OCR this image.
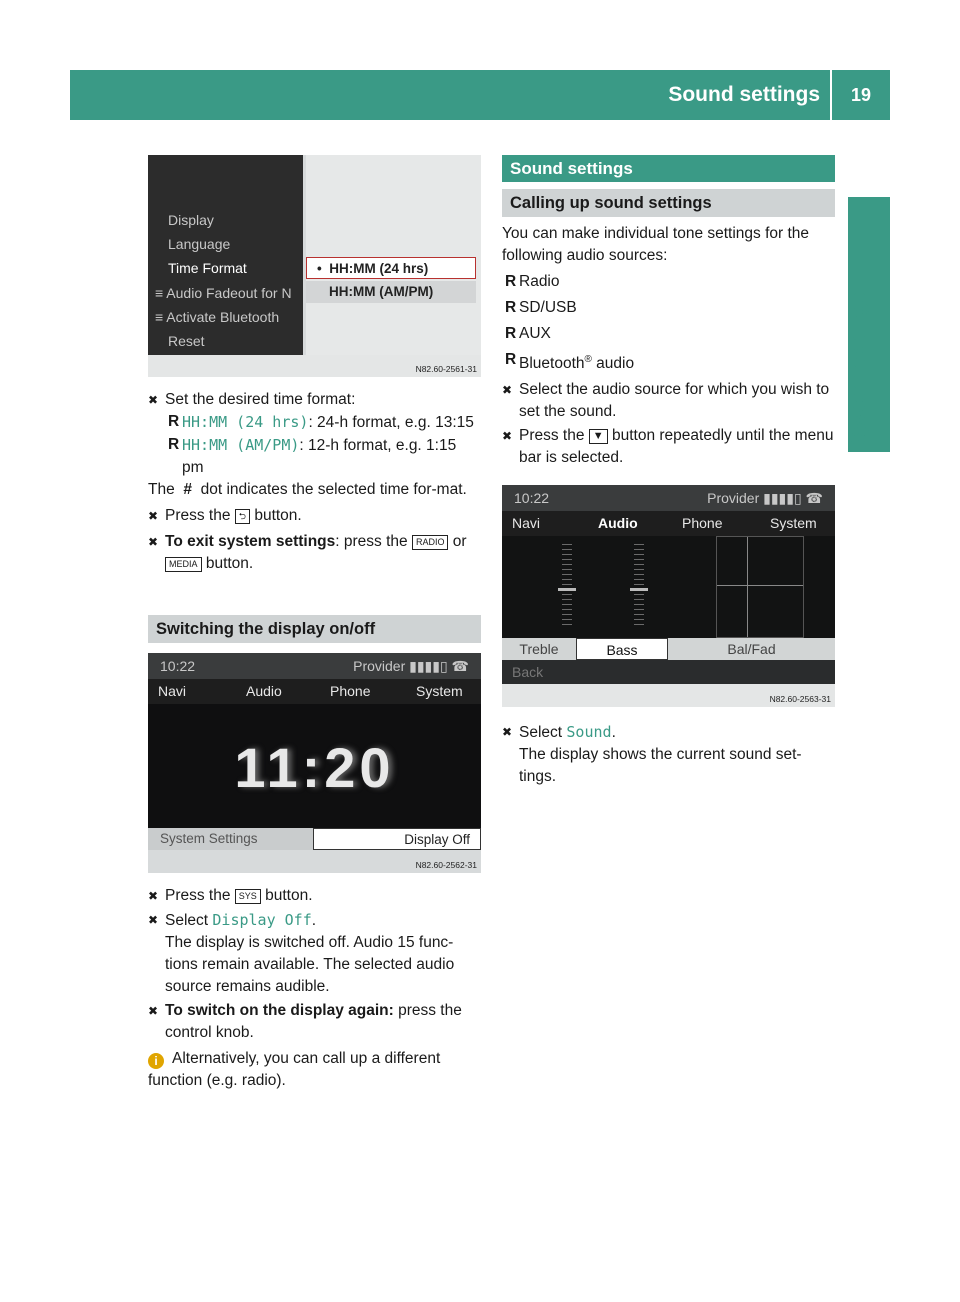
Sound settings	19
System settings
Display
Language
Time Format
≡ Audio Fadeout for N
≡ Activate Bluetooth
Reset
• HH:MM (24 hrs)
HH:MM (AM/PM)
N82.60-2561-31
✖ Set the desired time format:
R HH:MM (24 hrs): 24-h format, e.g. 13:15
R HH:MM (AM/PM): 12-h format, e.g. 1:15 pm

The # dot indicates the selected time for-mat.

✖ Press the ⮌ button.
✖ To exit system settings: press the RADIO or MEDIA button.
Switching the display on/off
10:22	Provider ▮▮▮▮▯ ☎
Navi	Audio	Phone	System
11:20
System Settings	Display Off
N82.60-2562-31
✖ Press the SYS button.
✖ Select Display Off.
The display is switched off. Audio 15 func-tions remain available. The selected audio source remains audible.
✖ To switch on the display again: press the control knob.

i Alternatively, you can call up a different function (e.g. radio).

Sound settings
Calling up sound settings

You can make individual tone settings for the following audio sources:

R Radio
R SD/USB
R AUX
R Bluetooth® audio
✖ Select the audio source for which you wish to set the sound.
✖ Press the ▼ button repeatedly until the menu bar is selected.
10:22	Provider ▮▮▮▮▯ ☎
Navi	Audio	Phone	System
Treble	Bass	Bal/Fad
Back
N82.60-2563-31
✖ Select Sound.
The display shows the current sound set-tings.
